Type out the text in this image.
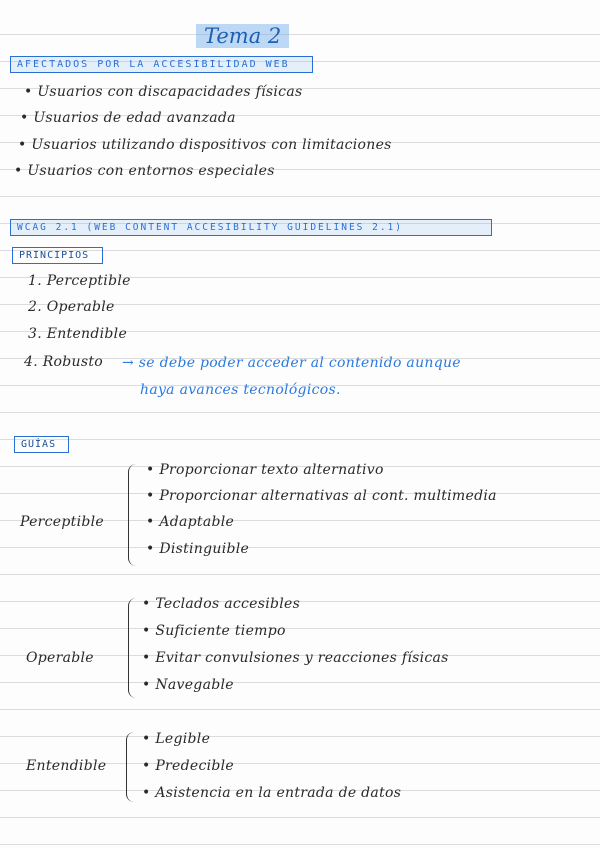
Tema 2
AFECTADOS POR LA ACCESIBILIDAD WEB
• Usuarios con discapacidades físicas
• Usuarios de edad avanzada
• Usuarios utilizando dispositivos con limitaciones
• Usuarios con entornos especiales
WCAG 2.1 (WEB CONTENT ACCESIBILITY GUIDELINES 2.1)
PRINCIPIOS
1. Perceptible
2. Operable
3. Entendible
4. Robusto → se debe poder acceder al contenido aunque
haya avances tecnológicos.
GUÍAS
Perceptible
• Proporcionar texto alternativo
• Proporcionar alternativas al cont. multimedia
• Adaptable
• Distinguible
Operable
• Teclados accesibles
• Suficiente tiempo
• Evitar convulsiones y reacciones físicas
• Navegable
Entendible
• Legible
• Predecible
• Asistencia en la entrada de datos
